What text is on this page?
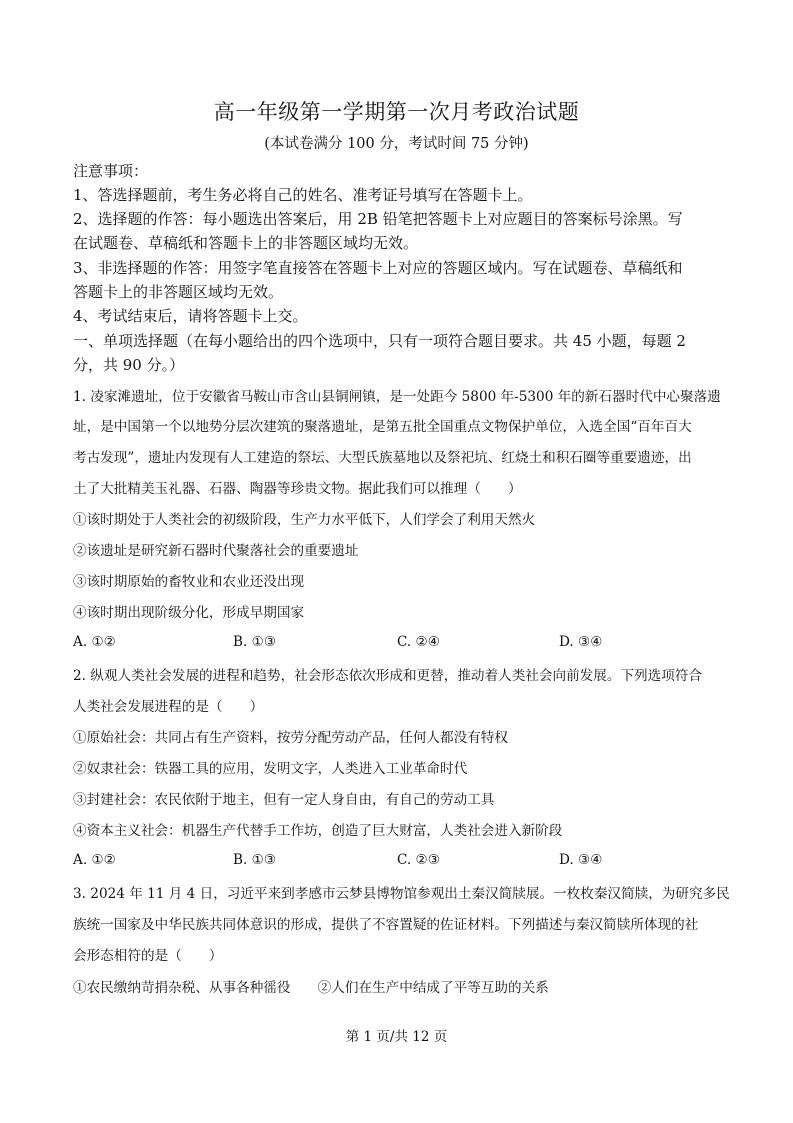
高一年级第一学期第一次月考政治试题
(本试卷满分 100 分，考试时间 75 分钟)
注意事项：
1、答选择题前，考生务必将自己的姓名、准考证号填写在答题卡上。
2、选择题的作答：每小题选出答案后，用 2B 铅笔把答题卡上对应题目的答案标号涂黑。写
在试题卷、草稿纸和答题卡上的非答题区域均无效。
3、非选择题的作答：用签字笔直接答在答题卡上对应的答题区域内。写在试题卷、草稿纸和
答题卡上的非答题区域均无效。
4、考试结束后，请将答题卡上交。
一、单项选择题（在每小题给出的四个选项中，只有一项符合题目要求。共 45 小题，每题 2
分，共 90 分。）
1. 凌家滩遗址，位于安徽省马鞍山市含山县铜闸镇，是一处距今 5800 年-5300 年的新石器时代中心聚落遗
址，是中国第一个以地势分层次建筑的聚落遗址，是第五批全国重点文物保护单位，入选全国“百年百大
考古发现”，遗址内发现有人工建造的祭坛、大型氏族墓地以及祭祀坑、红烧土和积石圈等重要遗迹，出
土了大批精美玉礼器、石器、陶器等珍贵文物。据此我们可以推理（　　）
①该时期处于人类社会的初级阶段，生产力水平低下，人们学会了利用天然火
②该遗址是研究新石器时代聚落社会的重要遗址
③该时期原始的畜牧业和农业还没出现
④该时期出现阶级分化，形成早期国家
A. ①②	B. ①③	C. ②④	D. ③④
2. 纵观人类社会发展的进程和趋势，社会形态依次形成和更替，推动着人类社会向前发展。下列选项符合
人类社会发展进程的是（　　）
①原始社会：共同占有生产资料，按劳分配劳动产品，任何人都没有特权
②奴隶社会：铁器工具的应用，发明文字，人类进入工业革命时代
③封建社会：农民依附于地主，但有一定人身自由，有自己的劳动工具
④资本主义社会：机器生产代替手工作坊，创造了巨大财富，人类社会进入新阶段
A. ①②	B. ①③	C. ②③	D. ③④
3. 2024 年 11 月 4 日，习近平来到孝感市云梦县博物馆参观出土秦汉简牍展。一枚枚秦汉简牍，为研究多民
族统一国家及中华民族共同体意识的形成，提供了不容置疑的佐证材料。下列描述与秦汉简牍所体现的社
会形态相符的是（　　）
①农民缴纳苛捐杂税、从事各种徭役　　②人们在生产中结成了平等互助的关系
第 1 页/共 12 页
